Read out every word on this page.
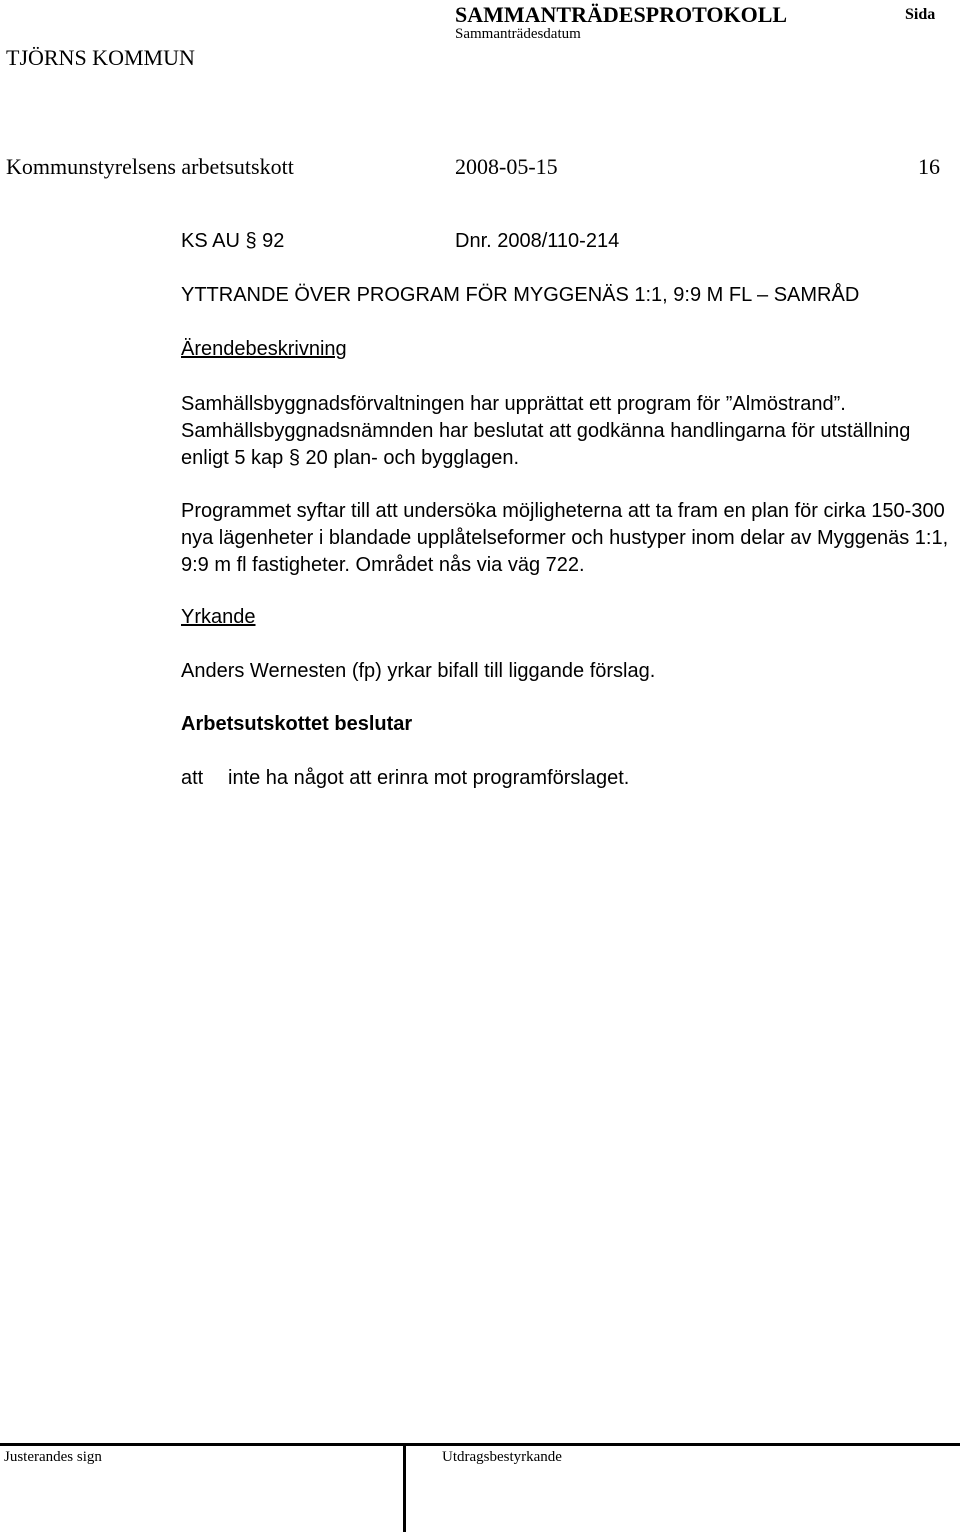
SAMMANTRÄDESPROTOKOLL	Sida
Sammanträdesdatum
TJÖRNS KOMMUN
Kommunstyrelsens arbetsutskott	2008-05-15	16
KS AU § 92	Dnr. 2008/110-214
YTTRANDE ÖVER PROGRAM FÖR MYGGENÄS 1:1, 9:9 M FL – SAMRÅD
Ärendebeskrivning
Samhällsbyggnadsförvaltningen har upprättat ett program för ”Almöstrand”. Samhällsbyggnadsnämnden har beslutat att godkänna handlingarna för utställning enligt 5 kap § 20 plan- och bygglagen.
Programmet syftar till att undersöka möjligheterna att ta fram en plan för cirka 150-300 nya lägenheter i blandade upplåtelseformer och hustyper inom delar av Myggenäs 1:1, 9:9 m fl fastigheter. Området nås via väg 722.
Yrkande
Anders Wernesten (fp) yrkar bifall till liggande förslag.
Arbetsutskottet beslutar
att inte ha något att erinra mot programförslaget.
Justerandes sign	Utdragsbestyrkande
